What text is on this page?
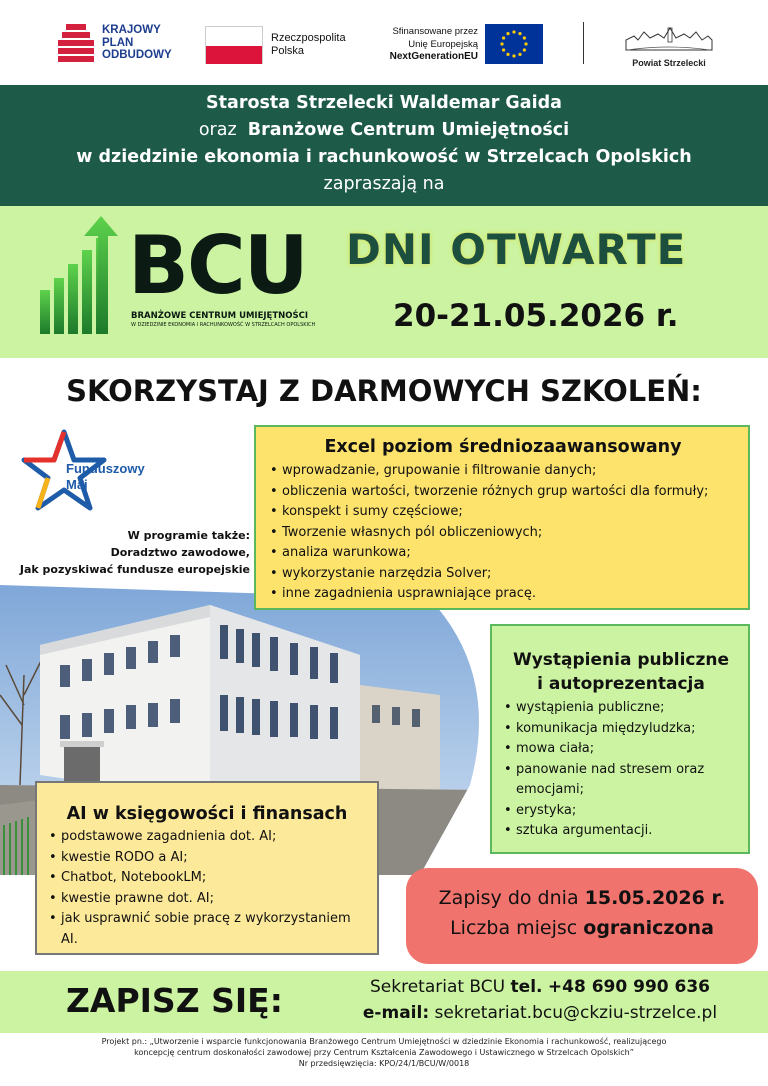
KRAJOWY
PLAN
ODBUDOWY
Rzeczpospolita
Polska
Sfinansowane przez
Unię Europejską
NextGenerationEU
Powiat Strzelecki
Starosta Strzelecki Waldemar Gaida
oraz Branżowe Centrum Umiejętności
w dziedzinie ekonomia i rachunkowość w Strzelcach Opolskich
zapraszają na
BCU
BRANŻOWE CENTRUM UMIEJĘTNOŚCI
W DZIEDZINIE EKONOMIA I RACHUNKOWOŚĆ W STRZELCACH OPOLSKICH
DNI OTWARTE
20-21.05.2026 r.
SKORZYSTAJ Z DARMOWYCH SZKOLEŃ:
Funduszowy
Maj
W programie także:
Doradztwo zawodowe,
Jak pozyskiwać fundusze europejskie
Excel poziom średniozaawansowany
• wprowadzanie, grupowanie i filtrowanie danych;
• obliczenia wartości, tworzenie różnych grup wartości dla formuły;
• konspekt i sumy częściowe;
• Tworzenie własnych pól obliczeniowych;
• analiza warunkowa;
• wykorzystanie narzędzia Solver;
• inne zagadnienia usprawniające pracę.
Wystąpienia publiczne
i autoprezentacja
• wystąpienia publiczne;
• komunikacja międzyludzka;
• mowa ciała;
• panowanie nad stresem oraz emocjami;
• erystyka;
• sztuka argumentacji.
AI w księgowości i finansach
• podstawowe zagadnienia dot. AI;
• kwestie RODO a AI;
• Chatbot, NotebookLM;
• kwestie prawne dot. AI;
• jak usprawnić sobie pracę z wykorzystaniem AI.
Zapisy do dnia 15.05.2026 r.
Liczba miejsc ograniczona
ZAPISZ SIĘ:	Sekretariat BCU tel. +48 690 990 636
e-mail: sekretariat.bcu@ckziu-strzelce.pl
Projekt pn.: „Utworzenie i wsparcie funkcjonowania Branżowego Centrum Umiejętności w dziedzinie Ekonomia i rachunkowość, realizującego
koncepcję centrum doskonałości zawodowej przy Centrum Kształcenia Zawodowego i Ustawicznego w Strzelcach Opolskich”
Nr przedsięwzięcia: KPO/24/1/BCU/W/0018
